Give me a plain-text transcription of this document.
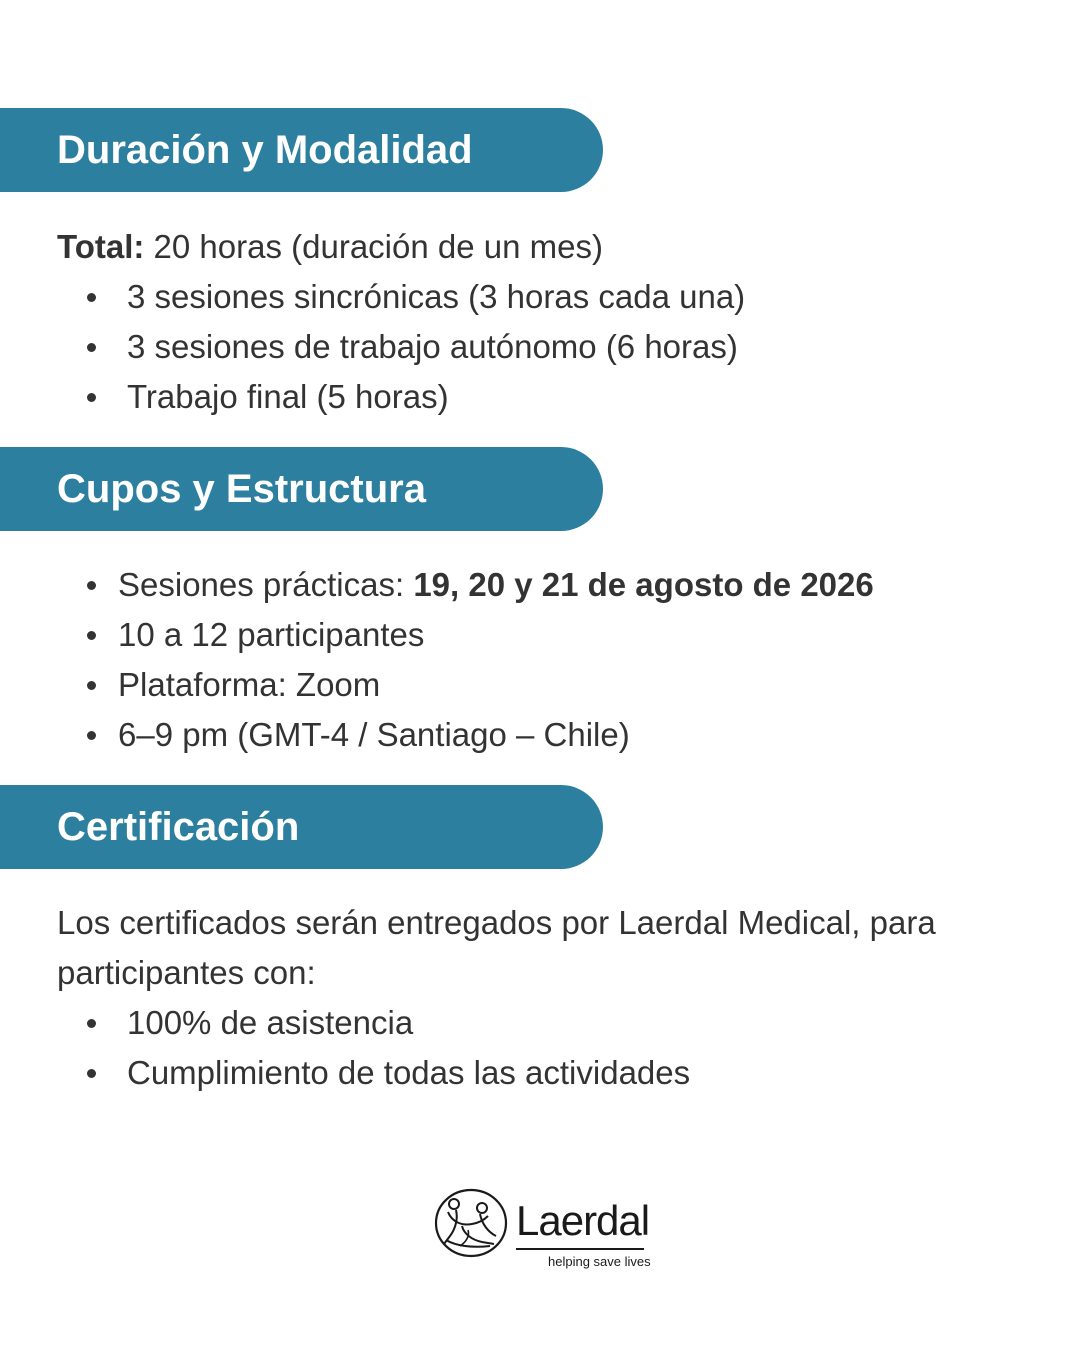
Duración y Modalidad
Total: 20 horas (duración de un mes)
3 sesiones sincrónicas (3 horas cada una)
3 sesiones de trabajo autónomo (6 horas)
Trabajo final (5 horas)
Cupos y Estructura
Sesiones prácticas: 19, 20 y 21 de agosto de 2026
10 a 12 participantes
Plataforma: Zoom
6–9 pm (GMT-4 / Santiago – Chile)
Certificación
Los certificados serán entregados por Laerdal Medical, para
participantes con:
100% de asistencia
Cumplimiento de todas las actividades
Laerdal
helping save lives
